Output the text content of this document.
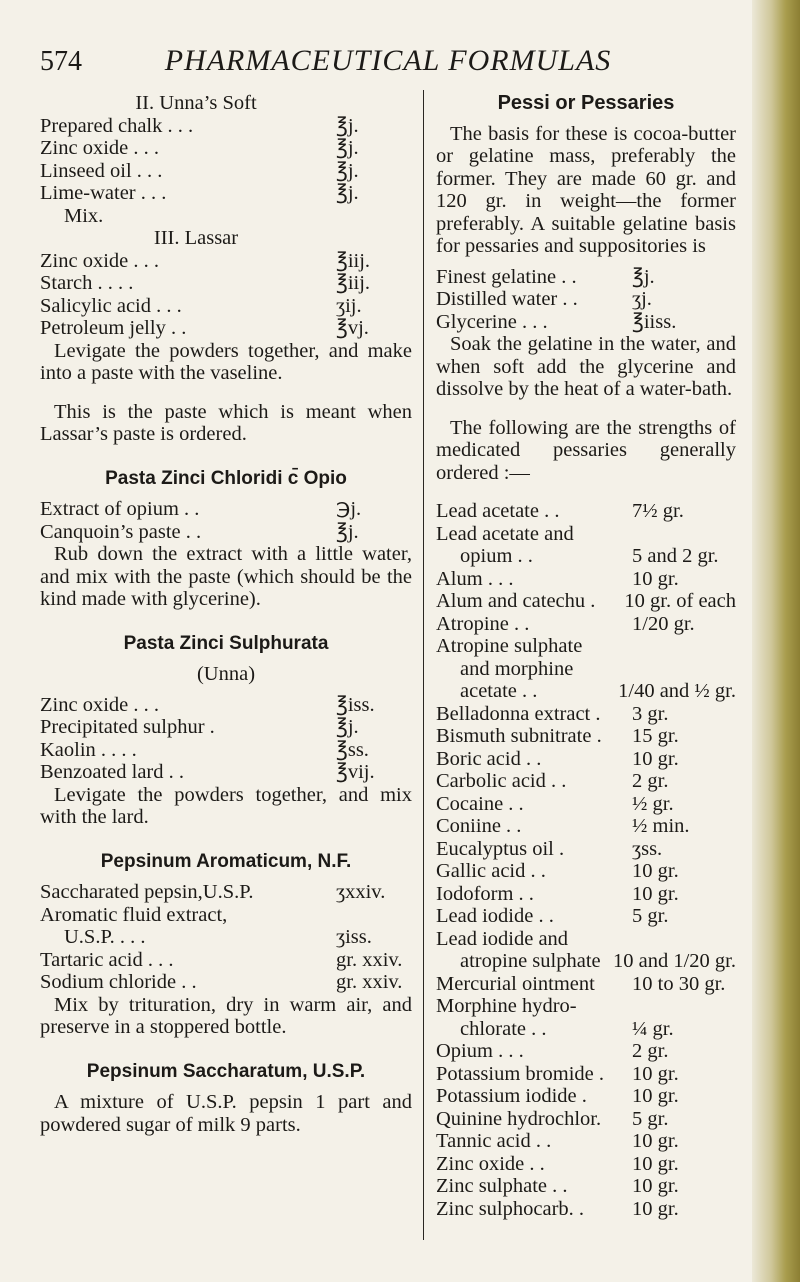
574	PHARMACEUTICAL FORMULAS
II. Unna’s Soft
Prepared chalk . . .	℥j.
Zinc oxide . . .	℥j.
Linseed oil . . .	℥j.
Lime-water . . .	℥j.
Mix.
III. Lassar
Zinc oxide . . .	℥iij.
Starch . . . .	℥iij.
Salicylic acid . . .	ʒij.
Petroleum jelly . .	℥vj.
Levigate the powders together, and make into a paste with the vaseline.
This is the paste which is meant when Lassar’s paste is ordered.
Pasta Zinci Chloridi c̄ Opio
Extract of opium . .	℈j.
Canquoin’s paste . .	℥j.
Rub down the extract with a little water, and mix with the paste (which should be the kind made with glycerine).
Pasta Zinci Sulphurata
(Unna)
Zinc oxide . . .	℥iss.
Precipitated sulphur .	℥j.
Kaolin . . . .	℥ss.
Benzoated lard . .	℥vij.
Levigate the powders together, and mix with the lard.
Pepsinum Aromaticum, N.F.
Saccharated pepsin,U.S.P.	ʒxxiv.
Aromatic fluid extract,
U.S.P. . . .	ʒiss.
Tartaric acid . . .	gr. xxiv.
Sodium chloride . .	gr. xxiv.
Mix by trituration, dry in warm air, and preserve in a stoppered bottle.
Pepsinum Saccharatum, U.S.P.
A mixture of U.S.P. pepsin 1 part and powdered sugar of milk 9 parts.
Pessi or Pessaries
The basis for these is cocoa-butter or gelatine mass, preferably the former. They are made 60 gr. and 120 gr. in weight—the former preferably. A suitable gelatine basis for pessaries and suppositories is
Finest gelatine . .	℥j.
Distilled water . .	ʒj.
Glycerine . . .	℥iiss.
Soak the gelatine in the water, and when soft add the glycerine and dissolve by the heat of a water-bath.
The following are the strengths of medicated pessaries generally ordered :—
Lead acetate . .	7½ gr.
Lead acetate and
opium . .	5 and 2 gr.
Alum . . .	10 gr.
Alum and catechu .	10 gr. of each
Atropine . .	1/20 gr.
Atropine sulphate
and morphine
acetate . .	1/40 and ½ gr.
Belladonna extract .	3 gr.
Bismuth subnitrate .	15 gr.
Boric acid . .	10 gr.
Carbolic acid . .	2 gr.
Cocaine . .	½ gr.
Coniine . .	½ min.
Eucalyptus oil .	ʒss.
Gallic acid . .	10 gr.
Iodoform . .	10 gr.
Lead iodide . .	5 gr.
Lead iodide and
atropine sulphate 10 and 1/20 gr.
Mercurial ointment	10 to 30 gr.
Morphine hydro-
chlorate . .	¼ gr.
Opium . . .	2 gr.
Potassium bromide .	10 gr.
Potassium iodide .	10 gr.
Quinine hydrochlor.	5 gr.
Tannic acid . .	10 gr.
Zinc oxide . .	10 gr.
Zinc sulphate . .	10 gr.
Zinc sulphocarb. .	10 gr.
